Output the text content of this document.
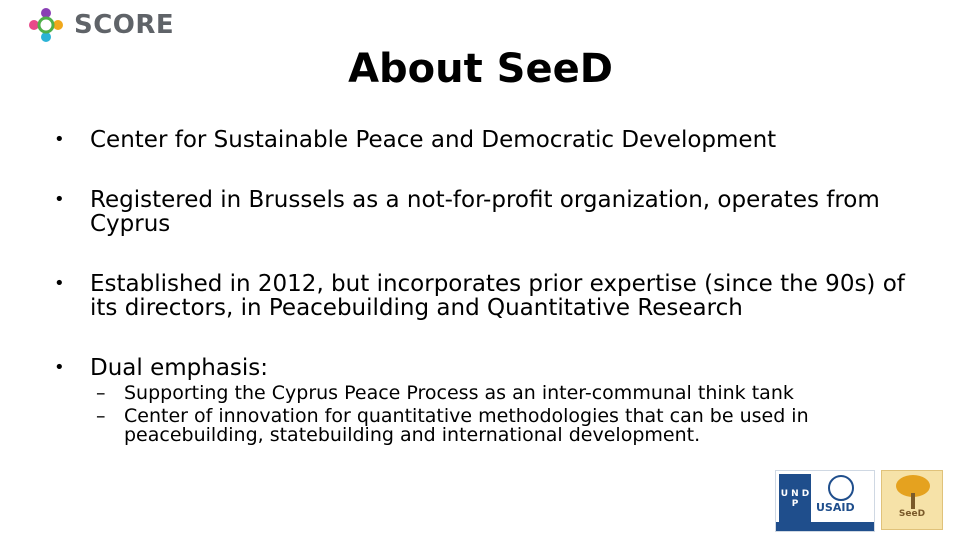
SCORE
About SeeD
•	Center for Sustainable Peace and Democratic Development
•	Registered in Brussels as a not-for-profit organization, operates from Cyprus
•	Established in 2012, but incorporates prior expertise (since the 90s) of its directors, in Peacebuilding and Quantitative Research
•	Dual emphasis:
– Supporting the Cyprus Peace Process as an inter-communal think tank
– Center of innovation for quantitative methodologies that can be used in peacebuilding, statebuilding and international development.
U N D P	USAID	SeeD
